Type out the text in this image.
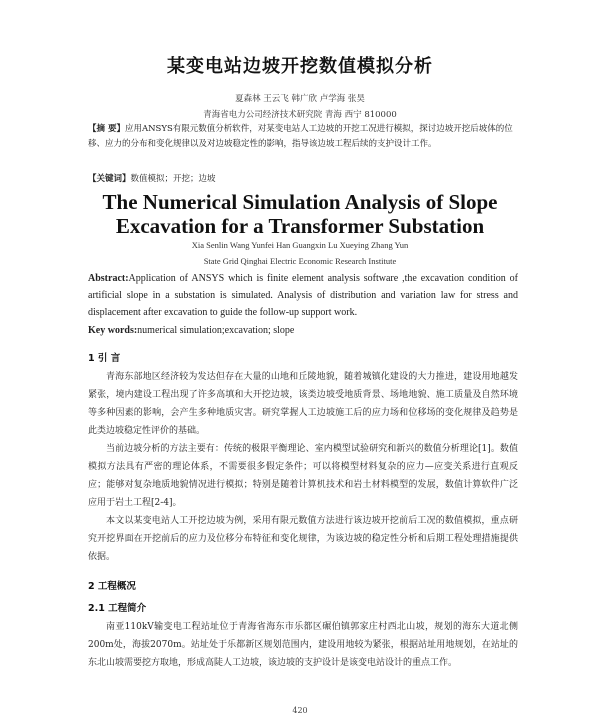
某变电站边坡开挖数值模拟分析
夏森林 王云飞 韩广欣 卢学海 张昊
青海省电力公司经济技术研究院 青海 西宁 810000
【摘 要】应用ANSYS有限元数值分析软件，对某变电站人工边坡的开挖工况进行模拟，探讨边坡开挖后坡体的位移、应力的分布和变化规律以及对边坡稳定性的影响，指导该边坡工程后续的支护设计工作。
【关键词】数值模拟；开挖；边坡
The Numerical Simulation Analysis of Slope
Excavation for a Transformer Substation
Xia Senlin Wang Yunfei Han Guangxin Lu Xueying Zhang Yun
State Grid Qinghai Electric Economic Research Institute
Abstract:Application of ANSYS which is finite element analysis software ,the excavation condition of artificial slope in a substation is simulated. Analysis of distribution and variation law for stress and displacement after excavation to guide the follow-up support work.
Key words:numerical simulation;excavation; slope
1 引 言

青海东部地区经济较为发达但存在大量的山地和丘陵地貌，随着城镇化建设的大力推进，建设用地越发紧张，境内建设工程出现了许多高填和大开挖边坡，该类边坡受地质背景、场地地貌、施工质量及自然环境等多种因素的影响，会产生多种地质灾害。研究掌握人工边坡施工后的应力场和位移场的变化规律及趋势是此类边坡稳定性评价的基础。

当前边坡分析的方法主要有：传统的极限平衡理论、室内模型试验研究和新兴的数值分析理论[1]。数值模拟方法具有严密的理论体系，不需要很多假定条件；可以将模型材料复杂的应力—应变关系进行直观反应；能够对复杂地质地貌情况进行模拟；特别是随着计算机技术和岩土材料模型的发展，数值计算软件广泛应用于岩土工程[2-4]。

本文以某变电站人工开挖边坡为例，采用有限元数值方法进行该边坡开挖前后工况的数值模拟，重点研究开挖界面在开挖前后的应力及位移分布特征和变化规律，为该边坡的稳定性分析和后期工程处理措施提供依据。

2 工程概况
2.1 工程简介

南亚110kV输变电工程站址位于青海省海东市乐都区碾伯镇郭家庄村西北山坡，规划的海东大道北侧200m处，海拔2070m。站址处于乐都新区规划范围内，建设用地较为紧张，根据站址用地规划，在站址的东北山坡需要挖方取地，形成高陡人工边坡，该边坡的支护设计是该变电站设计的重点工作。

420
